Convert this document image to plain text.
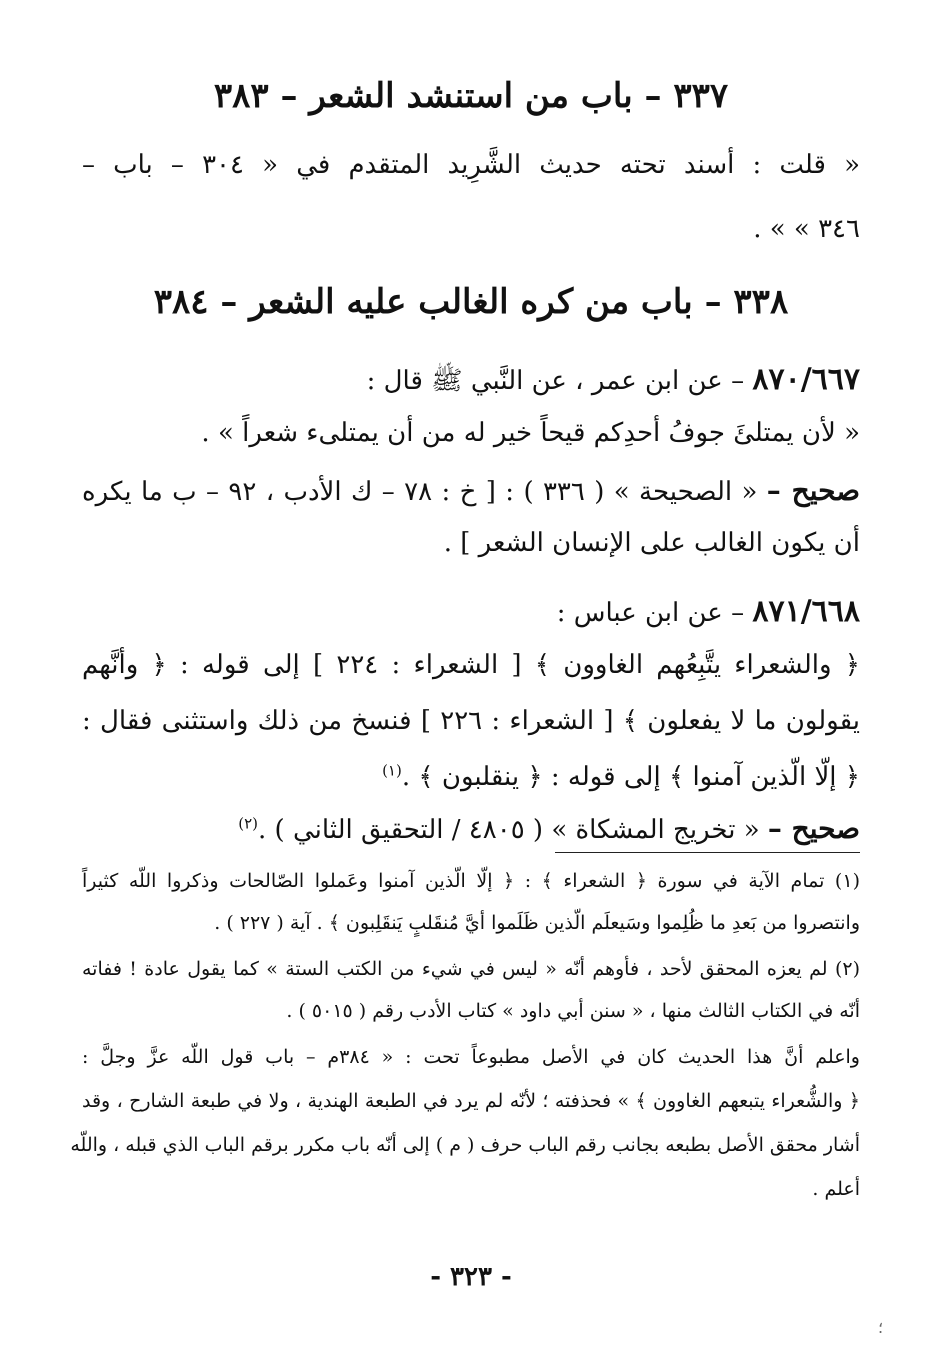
٣٣٧ – باب من استنشد الشعر – ٣٨٣
« قلت : أسند تحته حديث الشَّرِيد المتقدم في « ٣٠٤ – باب –
٣٤٦ » » .
٣٣٨ – باب من كره الغالب عليه الشعر – ٣٨٤
٨٧٠/٦٦٧ – عن ابن عمر ، عن النَّبي ﷺ قال :
« لأن يمتلئَ جوفُ أحدِكم قيحاً خير له من أن يمتلىء شعراً » .
صحيح – « الصحيحة » ( ٣٣٦ ) : [ خ : ٧٨ – ك الأدب ، ٩٢ – ب ما يكره
أن يكون الغالب على الإنسان الشعر ] .
٨٧١/٦٦٨ – عن ابن عباس :
﴿ والشعراء يتَّبِعُهم الغاوون ﴾ [ الشعراء : ٢٢٤ ] إلى قوله : ﴿ وأنَّهم
يقولون ما لا يفعلون ﴾ [ الشعراء : ٢٢٦ ] فنسخ من ذلك واستثنى فقال :
﴿ إلّا الّذين آمنوا ﴾ إلى قوله : ﴿ ينقلبون ﴾ .$^{(١)}$
صحيح – « تخريج المشكاة » ( ٤٨٠٥ / التحقيق الثاني ) .$^{(٢)}$
(١) تمام الآية في سورة ﴿ الشعراء ﴾ : ﴿ إلّا الّذين آمنوا وعَملوا الصّالحات وذكروا اللّه كثيراً
وانتصروا من بَعدِ ما ظُلِموا وسَيعلَم الّذين ظَلَموا أيَّ مُنقَلبٍ يَنقَلِبون ﴾ . آية ( ٢٢٧ ) .
(٢) لم يعزه المحقق لأحد ، فأوهم أنّه « ليس في شيء من الكتب الستة » كما يقول عادة ! ففاته
أنّه في الكتاب الثالث منها ، « سنن أبي داود » كتاب الأدب رقم ( ٥٠١٥ ) .
واعلم أنَّ هذا الحديث كان في الأصل مطبوعاً تحت : « ٣٨٤م – باب قول اللّه عزَّ وجلَّ :
﴿ والشُّعراء يتبعهم الغاوون ﴾ » فحذفته ؛ لأنّه لم يرد في الطبعة الهندية ، ولا في طبعة الشارح ، وقد
أشار محقق الأصل بطبعه بجانب رقم الباب حرف ( م ) إلى أنّه باب مكرر برقم الباب الذي قبله ، واللّه
أعلم .
- ٣٢٣ -
؛
